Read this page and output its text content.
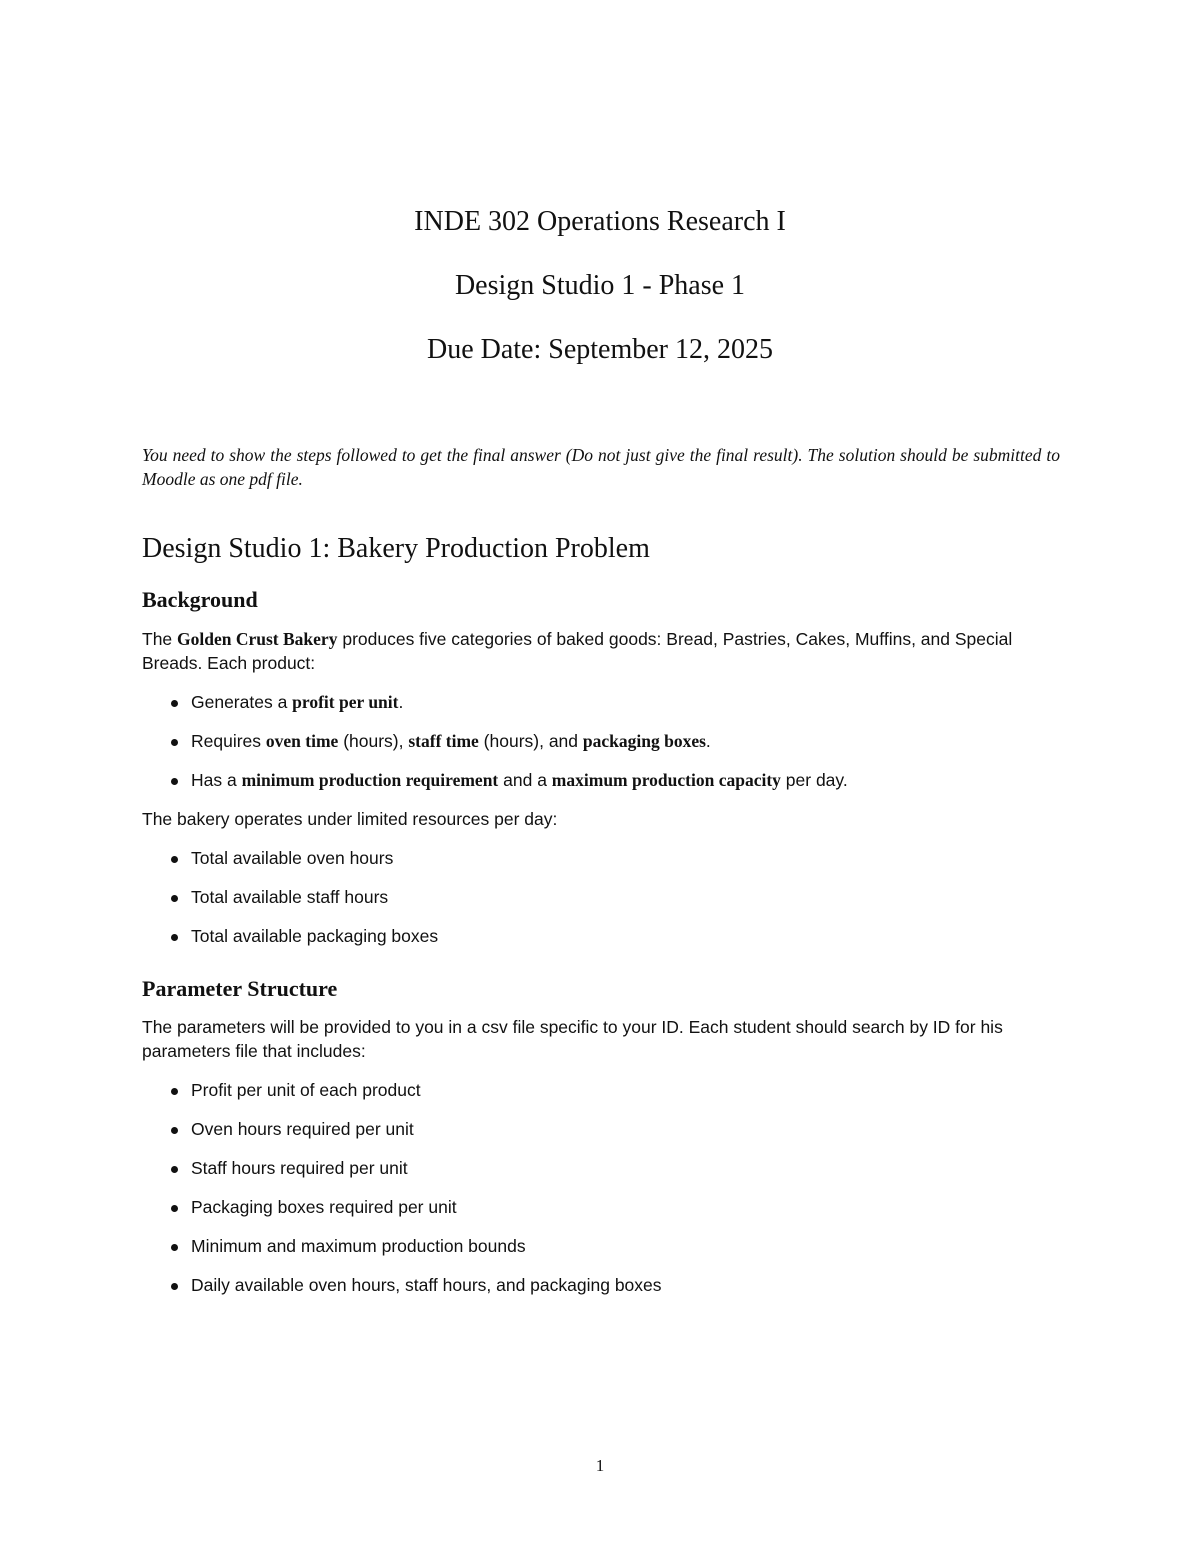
INDE 302 Operations Research I
Design Studio 1 - Phase 1
Due Date: September 12, 2025
You need to show the steps followed to get the final answer (Do not just give the final result). The solution should be submitted to Moodle as one pdf file.
Design Studio 1: Bakery Production Problem
Background
The Golden Crust Bakery produces five categories of baked goods: Bread, Pastries, Cakes, Muffins, and Special Breads. Each product:
Generates a profit per unit.
Requires oven time (hours), staff time (hours), and packaging boxes.
Has a minimum production requirement and a maximum production capacity per day.
The bakery operates under limited resources per day:
Total available oven hours
Total available staff hours
Total available packaging boxes
Parameter Structure
The parameters will be provided to you in a csv file specific to your ID. Each student should search by ID for his parameters file that includes:
Profit per unit of each product
Oven hours required per unit
Staff hours required per unit
Packaging boxes required per unit
Minimum and maximum production bounds
Daily available oven hours, staff hours, and packaging boxes
1
